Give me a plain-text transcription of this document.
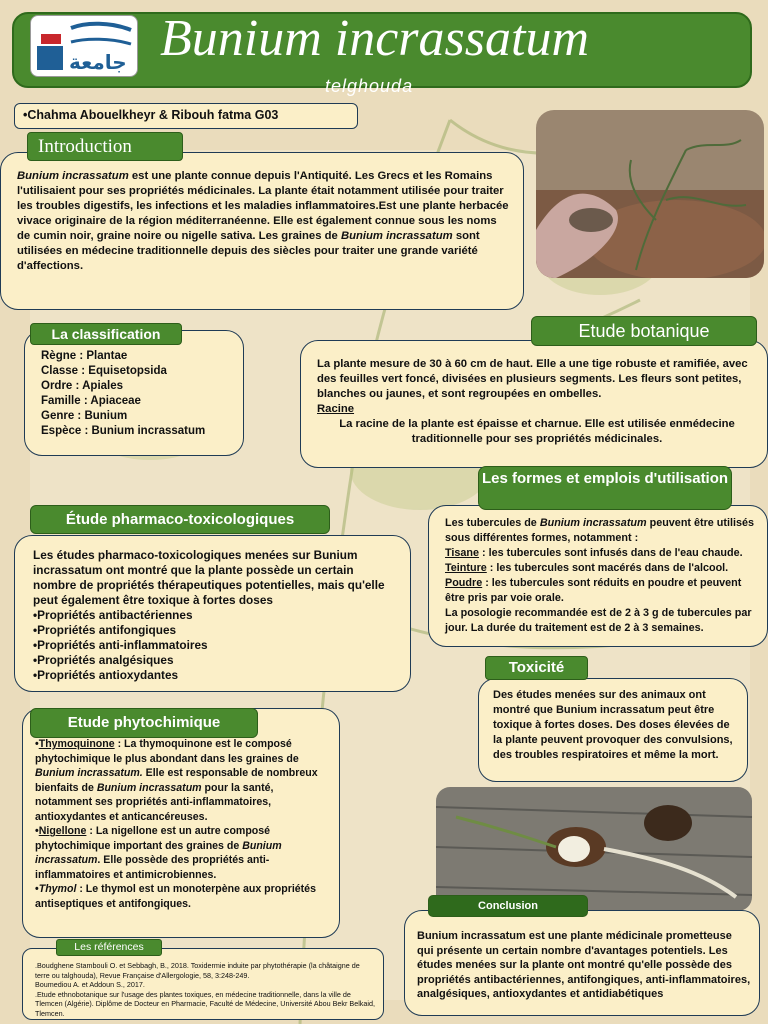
جامعة Bunium incrassatum
telghouda
•Chahma Abouelkheyr & Ribouh fatma G03

Bunium incrassatum est une plante connue depuis l'Antiquité. Les Grecs et les Romains l'utilisaient pour ses propriétés médicinales. La plante était notamment utilisée pour traiter les troubles digestifs, les infections et les maladies inflammatoires.Est une plante herbacée vivace originaire de la région méditerranéenne. Elle est également connue sous les noms de cumin noir, graine noire ou nigelle sativa. Les graines de Bunium incrassatum sont utilisées en médecine traditionnelle depuis des siècles pour traiter une grande variété d'affections.

Introduction
Règne : Plantae
Classe : Equisetopsida
Ordre : Apiales
Famille : Apiaceae
Genre : Bunium
Espèce : Bunium incrassatum
La classification

La plante mesure de 30 à 60 cm de haut. Elle a une tige robuste et ramifiée, avec des feuilles vert foncé, divisées en plusieurs segments. Les fleurs sont petites, blanches ou jaunes, et sont regroupées en ombelles.

Racine

La racine de la plante est épaisse et charnue. Elle est utilisée enmédecine traditionnelle pour ses propriétés médicinales.

Etude botanique

Les tubercules de Bunium incrassatum peuvent être utilisés sous différentes formes, notamment :

Tisane : les tubercules sont infusés dans de l'eau chaude.

Teinture : les tubercules sont macérés dans de l'alcool.

Poudre : les tubercules sont réduits en poudre et peuvent être pris par voie orale.

La posologie recommandée est de 2 à 3 g de tubercules par jour. La durée du traitement est de 2 à 3 semaines.

Les formes et emplois d'utilisation

Les études pharmaco-toxicologiques menées sur Bunium incrassatum ont montré que la plante possède un certain nombre de propriétés thérapeutiques potentielles, mais qu'elle peut également être toxique à fortes doses

•Propriétés antibactériennes
•Propriétés antifongiques
•Propriétés anti-inflammatoires
•Propriétés analgésiques
•Propriétés antioxydantes
Étude pharmaco-toxicologiques

Des études menées sur des animaux ont montré que Bunium incrassatum peut être toxique à fortes doses. Des doses élevées de la plante peuvent provoquer des convulsions, des troubles respiratoires et même la mort.

Toxicité

•Thymoquinone : La thymoquinone est le composé phytochimique le plus abondant dans les graines de Bunium incrassatum. Elle est responsable de nombreux bienfaits de Bunium incrassatum pour la santé, notamment ses propriétés anti-inflammatoires, antioxydantes et anticancéreuses.

•Nigellone : La nigellone est un autre composé phytochimique important des graines de Bunium incrassatum. Elle possède des propriétés anti-inflammatoires et antimicrobiennes.

•Thymol : Le thymol est un monoterpène aux propriétés antiseptiques et antifongiques.

Etude phytochimique

Bunium incrassatum est une plante médicinale prometteuse qui présente un certain nombre d'avantages potentiels. Les études menées sur la plante ont montré qu'elle possède des propriétés antibactériennes, antifongiques, anti-inflammatoires, analgésiques, antioxydantes et antidiabétiques

Conclusion

.Boudghene Stambouli O. et Sebbagh, B., 2018. Toxidermie induite par phytothérapie (la châtaigne de terre ou talghouda), Revue Française d'Allergologie, 58, 3:248-249.

Boumediou A. et Addoun S., 2017.

.Etude ethnobotanique sur l'usage des plantes toxiques, en médecine traditionnelle, dans la ville de Tlemcen (Algérie). Diplôme de Docteur en Pharmacie, Faculté de Médecine, Université Abou Bekr Belkaid, Tlemcen.

Les références
